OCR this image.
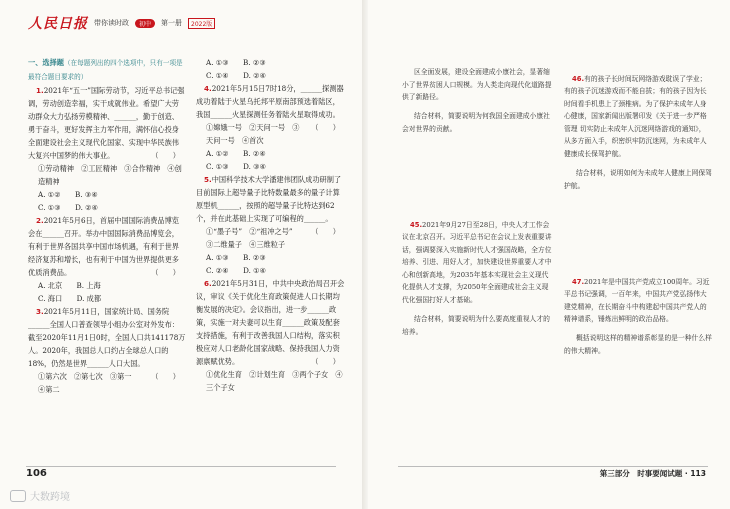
人民日报 带你读时政	初中	第一册	2022版

一、选择题（在每题列出的四个选项中，只有一项是最符合题目要求的）

1.2021年“五一”国际劳动节，习近平总书记强调，劳动创造幸福，实干成就伟业。希望广大劳动群众大力弘扬劳模精神、______，勤于创造、勇于奋斗，更好发挥主力军作用，满怀信心投身全面建设社会主义现代化国家、实现中华民族伟大复兴中国梦的伟大事业。	（　　）

①劳动精神　②工匠精神　③合作精神　④创造精神

A. ①②　　B. ③④

C. ①③　　D. ②④

2.2021年5月6日，首届中国国际消费品博览会在______召开。举办中国国际消费品博览会，有利于世界各国共享中国市场机遇，有利于世界经济复苏和增长，也有利于中国为世界提供更多优质消费品。	（　　）

A. 北京　　B. 上海

C. 海口　　D. 成都

3.2021年5月11日，国家统计局、国务院______全国人口普查领导小组办公室对外发布：截至2020年11月1日0时，全国人口共141178万人。2020年，我国总人口约占全球总人口的18%，仍然是世界______人口大国。
（　　）

①第六次　②第七次　③第一　④第二

A. ①③　　B. ②③

C. ①④　　D. ②④

4.2021年5月15日7时18分，______探测器成功着陆于火星乌托邦平原南部预选着陆区，我国______火星探测任务着陆火星取得成功。
（　　）

①嫦娥一号　②天问一号　③天问一号　④首次

A. ①②　　B. ②④

C. ①③　　D. ③④

5.中国科学技术大学潘建伟团队成功研制了目前国际上超导量子比特数量最多的量子计算原型机______，按照的超导量子比特达到62个，并在此基础上实现了可编程的______。
（　　）

①“墨子号”　②“祖冲之号”　③二维量子　④三维粒子

A. ①③　　B. ②③

C. ②④　　D. ①④

6.2021年5月31日，中共中央政治局召开会议，审议《关于优化生育政策促进人口长期均衡发展的决定》。会议指出，进一步______政策，实施一对夫妻可以生育______政策及配套支持措施，有利于改善我国人口结构，落实积极应对人口老龄化国家战略、保持我国人力资源禀赋优势。	（　　）

①优化生育　②计划生育　③两个子女　④三个子女

106

区全面发展，建设全面建成小康社会，显著缩小了世界贫困人口规模。为人类走向现代化道路提供了新路径。

结合材料，简要说明为何我国全面建成小康社会对世界的贡献。

45.2021年9月27日至28日，中央人才工作会议在北京召开。习近平总书记在会议上发表重要讲话，强调要深入实施新时代人才强国战略，全方位培养、引进、用好人才，加快建设世界重要人才中心和创新高地，为2035年基本实现社会主义现代化提供人才支撑，为2050年全面建成社会主义现代化强国打好人才基础。

结合材料，简要说明为什么要高度重视人才的培养。

46.有的孩子长时间玩网络游戏耽误了学业；有的孩子沉迷游戏而不能自拔；有的孩子因为长时间看手机患上了颈椎病。为了保护未成年人身心健康，国家新闻出版署印发《关于进一步严格管理 切实防止未成年人沉迷网络游戏的通知》，从多方面入手，织密织牢防沉迷网，为未成年人健康成长保驾护航。

结合材料，说明如何为未成年人健康上网保驾护航。

47.2021年是中国共产党成立100周年。习近平总书记强调，一百年来，中国共产党弘扬伟大建党精神，在长期奋斗中构建起中国共产党人的精神谱系，锤炼出鲜明的政治品格。

概括说明这样的精神谱系彰显的是一种什么样的伟大精神。

第三部分　时事要闻试题 · 113
大数跨境
